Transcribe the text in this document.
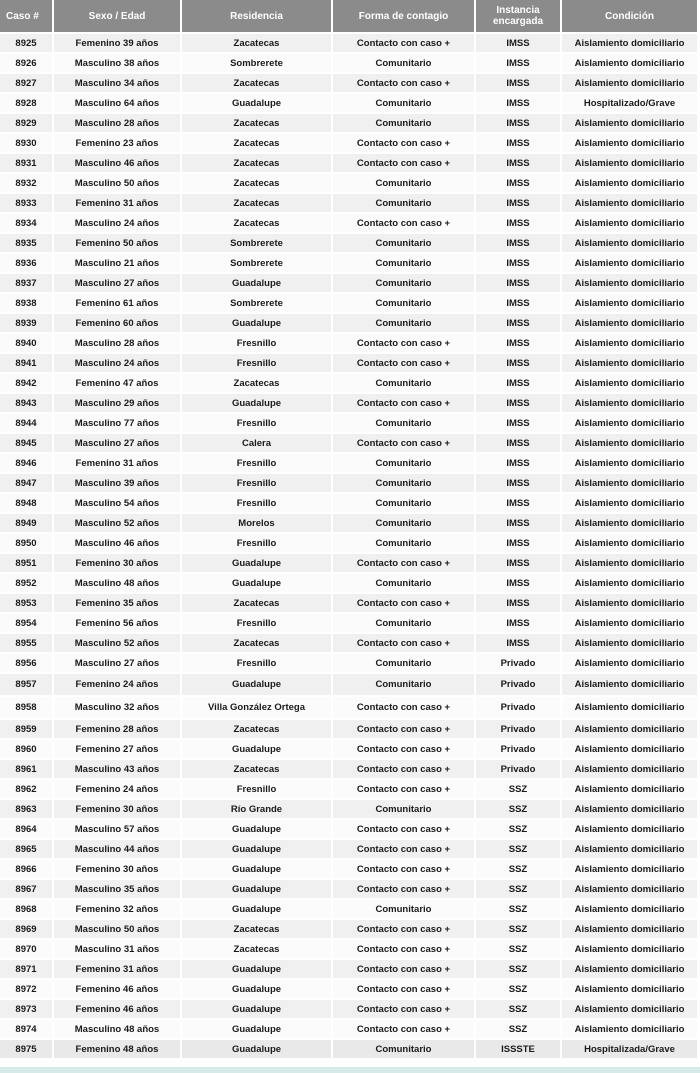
Caso #	Sexo / Edad	Residencia	Forma de contagio	Instancia encargada	Condición
8925	Femenino 39 años	Zacatecas	Contacto con caso +	IMSS	Aislamiento domiciliario
8926	Masculino 38 años	Sombrerete	Comunitario	IMSS	Aislamiento domiciliario
8927	Masculino 34 años	Zacatecas	Contacto con caso +	IMSS	Aislamiento domiciliario
8928	Masculino 64 años	Guadalupe	Comunitario	IMSS	Hospitalizado/Grave
8929	Masculino 28 años	Zacatecas	Comunitario	IMSS	Aislamiento domiciliario
8930	Femenino 23 años	Zacatecas	Contacto con caso +	IMSS	Aislamiento domiciliario
8931	Masculino 46 años	Zacatecas	Contacto con caso +	IMSS	Aislamiento domiciliario
8932	Masculino 50 años	Zacatecas	Comunitario	IMSS	Aislamiento domiciliario
8933	Femenino 31 años	Zacatecas	Comunitario	IMSS	Aislamiento domiciliario
8934	Masculino 24 años	Zacatecas	Contacto con caso +	IMSS	Aislamiento domiciliario
8935	Femenino 50 años	Sombrerete	Comunitario	IMSS	Aislamiento domiciliario
8936	Masculino 21 años	Sombrerete	Comunitario	IMSS	Aislamiento domiciliario
8937	Masculino 27 años	Guadalupe	Comunitario	IMSS	Aislamiento domiciliario
8938	Femenino 61 años	Sombrerete	Comunitario	IMSS	Aislamiento domiciliario
8939	Femenino 60 años	Guadalupe	Comunitario	IMSS	Aislamiento domiciliario
8940	Masculino 28 años	Fresnillo	Contacto con caso +	IMSS	Aislamiento domiciliario
8941	Masculino 24 años	Fresnillo	Contacto con caso +	IMSS	Aislamiento domiciliario
8942	Femenino 47 años	Zacatecas	Comunitario	IMSS	Aislamiento domiciliario
8943	Masculino 29 años	Guadalupe	Contacto con caso +	IMSS	Aislamiento domiciliario
8944	Masculino 77 años	Fresnillo	Comunitario	IMSS	Aislamiento domiciliario
8945	Masculino 27 años	Calera	Contacto con caso +	IMSS	Aislamiento domiciliario
8946	Femenino 31 años	Fresnillo	Comunitario	IMSS	Aislamiento domiciliario
8947	Masculino 39 años	Fresnillo	Comunitario	IMSS	Aislamiento domiciliario
8948	Masculino 54 años	Fresnillo	Comunitario	IMSS	Aislamiento domiciliario
8949	Masculino 52 años	Morelos	Comunitario	IMSS	Aislamiento domiciliario
8950	Masculino 46 años	Fresnillo	Comunitario	IMSS	Aislamiento domiciliario
8951	Femenino 30 años	Guadalupe	Contacto con caso +	IMSS	Aislamiento domiciliario
8952	Masculino 48 años	Guadalupe	Comunitario	IMSS	Aislamiento domiciliario
8953	Femenino 35 años	Zacatecas	Contacto con caso +	IMSS	Aislamiento domiciliario
8954	Femenino 56 años	Fresnillo	Comunitario	IMSS	Aislamiento domiciliario
8955	Masculino 52 años	Zacatecas	Contacto con caso +	IMSS	Aislamiento domiciliario
8956	Masculino 27 años	Fresnillo	Comunitario	Privado	Aislamiento domiciliario
8957	Femenino 24 años	Guadalupe	Comunitario	Privado	Aislamiento domiciliario
8958	Masculino 32 años	Villa González Ortega	Contacto con caso +	Privado	Aislamiento domiciliario
8959	Femenino 28 años	Zacatecas	Contacto con caso +	Privado	Aislamiento domiciliario
8960	Femenino 27 años	Guadalupe	Contacto con caso +	Privado	Aislamiento domiciliario
8961	Masculino 43 años	Zacatecas	Contacto con caso +	Privado	Aislamiento domiciliario
8962	Femenino 24 años	Fresnillo	Contacto con caso +	SSZ	Aislamiento domiciliario
8963	Femenino 30 años	Río Grande	Comunitario	SSZ	Aislamiento domiciliario
8964	Masculino 57 años	Guadalupe	Contacto con caso +	SSZ	Aislamiento domiciliario
8965	Masculino 44 años	Guadalupe	Contacto con caso +	SSZ	Aislamiento domiciliario
8966	Femenino 30 años	Guadalupe	Contacto con caso +	SSZ	Aislamiento domiciliario
8967	Masculino 35 años	Guadalupe	Contacto con caso +	SSZ	Aislamiento domiciliario
8968	Femenino 32 años	Guadalupe	Comunitario	SSZ	Aislamiento domiciliario
8969	Masculino 50 años	Zacatecas	Contacto con caso +	SSZ	Aislamiento domiciliario
8970	Masculino 31 años	Zacatecas	Contacto con caso +	SSZ	Aislamiento domiciliario
8971	Femenino 31 años	Guadalupe	Contacto con caso +	SSZ	Aislamiento domiciliario
8972	Femenino 46 años	Guadalupe	Contacto con caso +	SSZ	Aislamiento domiciliario
8973	Femenino 46 años	Guadalupe	Contacto con caso +	SSZ	Aislamiento domiciliario
8974	Masculino 48 años	Guadalupe	Contacto con caso +	SSZ	Aislamiento domiciliario
8975	Femenino 48 años	Guadalupe	Comunitario	ISSSTE	Hospitalizada/Grave
